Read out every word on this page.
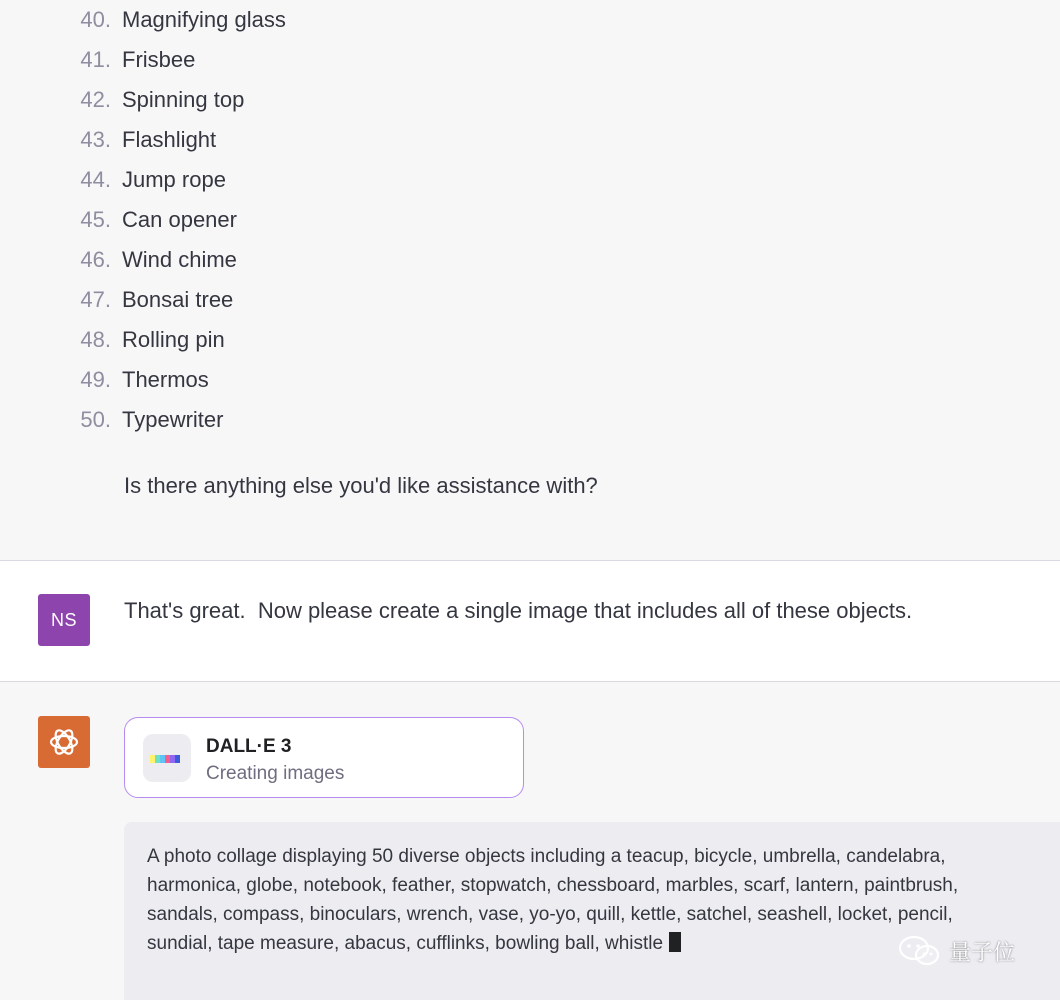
40. Magnifying glass
41. Frisbee
42. Spinning top
43. Flashlight
44. Jump rope
45. Can opener
46. Wind chime
47. Bonsai tree
48. Rolling pin
49. Thermos
50. Typewriter
Is there anything else you'd like assistance with?
NS	That's great.  Now please create a single image that includes all of these objects.
DALL·E 3
Creating images
A photo collage displaying 50 diverse objects including a teacup, bicycle, umbrella, candelabra, harmonica, globe, notebook, feather, stopwatch, chessboard, marbles, scarf, lantern, paintbrush, sandals, compass, binoculars, wrench, vase, yo-yo, quill, kettle, satchel, seashell, locket, pencil, sundial, tape measure, abacus, cufflinks, bowling ball, whistle	量子位
